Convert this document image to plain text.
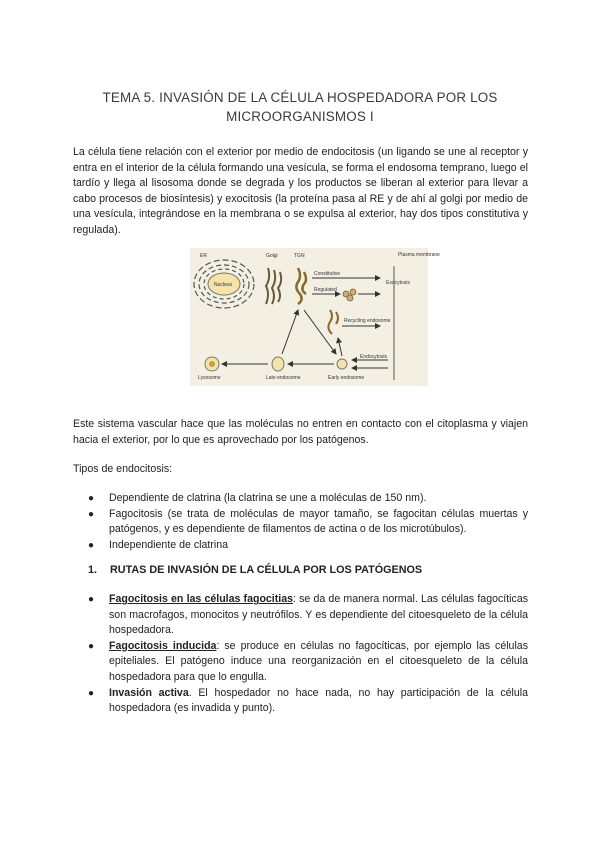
TEMA 5. INVASIÓN DE LA CÉLULA HOSPEDADORA POR LOS
MICROORGANISMOS I
La célula tiene relación con el exterior por medio de endocitosis (un ligando se une al receptor y entra en el interior de la célula formando una vesícula, se forma el endosoma temprano, luego el tardío y llega al lisosoma donde se degrada y los productos se liberan al exterior para llevar a cabo procesos de biosíntesis) y exocitosis (la proteína pasa al RE y de ahí al golgi por medio de una vesícula, integrándose en la membrana o se expulsa al exterior, hay dos tipos constitutiva y regulada).
ER	Golgi	TGN	Plasma membrane
Nucleus
Constitutive
Regulated
Exocytosis
Recycling endosome
Lysosome	Late endosome	Early endosome
Endocytosis
Este sistema vascular hace que las moléculas no entren en contacto con el citoplasma y viajen hacia el exterior, por lo que es aprovechado por los patógenos.
Tipos de endocitosis:
● Dependiente de clatrina (la clatrina se une a moléculas de 150 nm).
● Fagocitosis (se trata de moléculas de mayor tamaño, se fagocitan células muertas y patógenos, y es dependiente de filamentos de actina o de los microtúbulos).
● Independiente de clatrina
1. RUTAS DE INVASIÓN DE LA CÉLULA POR LOS PATÓGENOS
● Fagocitosis en las células fagocitias: se da de manera normal. Las células fagocíticas son macrofagos, monocitos y neutrófilos. Y es dependiente del citoesqueleto de la célula hospedadora.
● Fagocitosis inducida: se produce en células no fagocíticas, por ejemplo las células epiteliales. El patógeno induce una reorganización en el citoesqueleto de la célula hospedadora para que lo engulla.
● Invasión activa. El hospedador no hace nada, no hay participación de la célula hospedadora (es invadida y punto).
